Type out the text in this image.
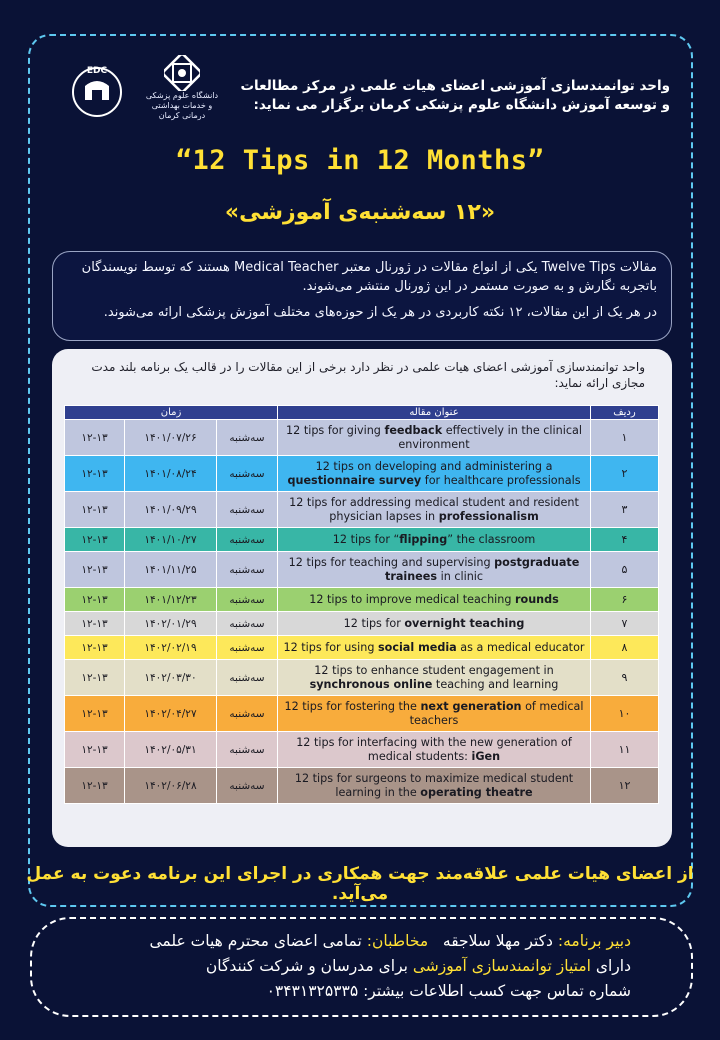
EDC
دانشگاه علوم پزشکی
و خدمات بهداشتی درمانی کرمان
واحد توانمندسازی آموزشی اعضای هیات علمی در مرکز مطالعات و توسعه آموزش دانشگاه علوم پزشکی کرمان برگزار می نماید:
“12 Tips in 12 Months”
«۱۲ سه‌شنبه‌ی آموزشی»

مقالات Twelve Tips یکی از انواع مقالات در ژورنال معتبر Medical Teacher هستند که توسط نویسندگان باتجربه نگارش و به صورت مستمر در این ژورنال منتشر می‌شوند.

در هر یک از این مقالات، ۱۲ نکته کاربردی در هر یک از حوزه‌های مختلف آموزش پزشکی ارائه می‌شوند.

واحد توانمندسازی آموزشی اعضای هیات علمی در نظر دارد برخی از این مقالات را در قالب یک برنامه بلند مدت مجازی ارائه نماید:
زمان			عنوان مقاله	ردیف
۱۲-۱۳	۱۴۰۱/۰۷/۲۶	سه‌شنبه	12 tips for giving feedback effectively in the clinical environment	۱
۱۲-۱۳	۱۴۰۱/۰۸/۲۴	سه‌شنبه	12 tips on developing and administering a questionnaire survey for healthcare professionals	۲
۱۲-۱۳	۱۴۰۱/۰۹/۲۹	سه‌شنبه	12 tips for addressing medical student and resident physician lapses in professionalism	۳
۱۲-۱۳	۱۴۰۱/۱۰/۲۷	سه‌شنبه	12 tips for “flipping” the classroom	۴
۱۲-۱۳	۱۴۰۱/۱۱/۲۵	سه‌شنبه	12 tips for teaching and supervising postgraduate trainees in clinic	۵
۱۲-۱۳	۱۴۰۱/۱۲/۲۳	سه‌شنبه	12 tips to improve medical teaching rounds	۶
۱۲-۱۳	۱۴۰۲/۰۱/۲۹	سه‌شنبه	12 tips for overnight teaching	۷
۱۲-۱۳	۱۴۰۲/۰۲/۱۹	سه‌شنبه	12 tips for using social media as a medical educator	۸
۱۲-۱۳	۱۴۰۲/۰۳/۳۰	سه‌شنبه	12 tips to enhance student engagement in synchronous online teaching and learning	۹
۱۲-۱۳	۱۴۰۲/۰۴/۲۷	سه‌شنبه	12 tips for fostering the next generation of medical teachers	۱۰
۱۲-۱۳	۱۴۰۲/۰۵/۳۱	سه‌شنبه	12 tips for interfacing with the new generation of medical students: iGen	۱۱
۱۲-۱۳	۱۴۰۲/۰۶/۲۸	سه‌شنبه	12 tips for surgeons to maximize medical student learning in the operating theatre	۱۲
از اعضای هیات علمی علاقه‌مند جهت همکاری در اجرای این برنامه دعوت به عمل می‌آید.
دبیر برنامه: دکتر مهلا سلاجقه   مخاطبان: تمامی اعضای محترم هیات علمی
دارای امتیاز توانمندسازی آموزشی برای مدرسان و شرکت کنندگان
شماره تماس جهت کسب اطلاعات بیشتر: ۰۳۴۳۱۳۲۵۳۳۵
